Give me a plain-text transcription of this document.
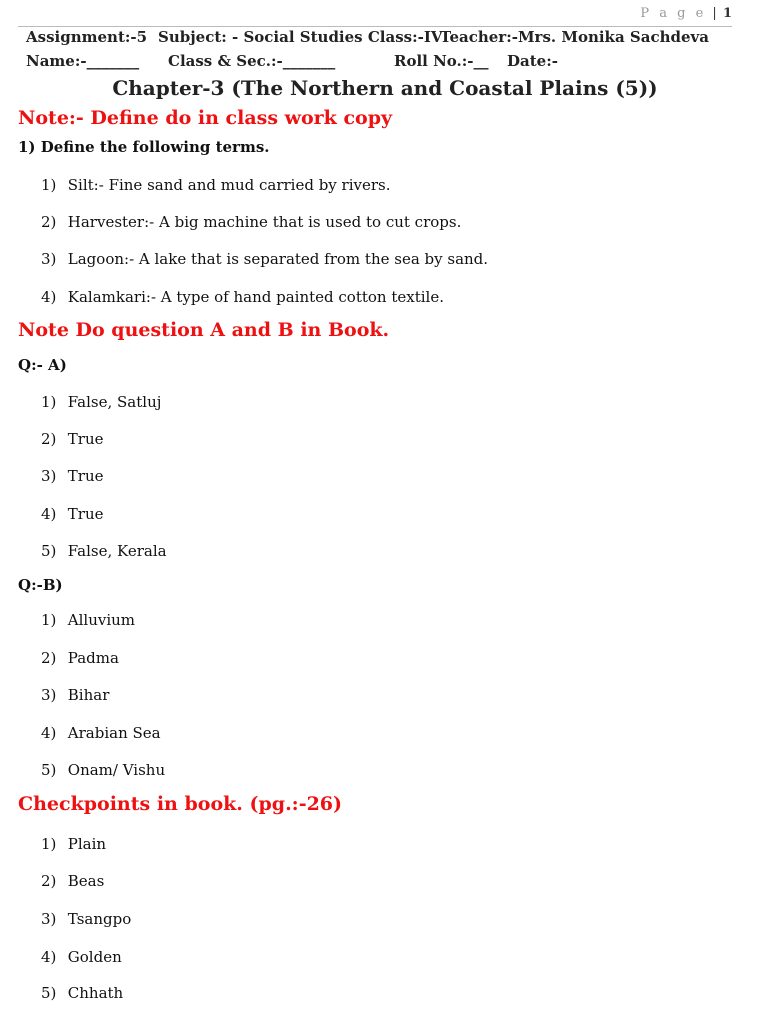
P a g e | 1
Assignment:-5 Subject: - Social Studies Class:-IV
Teacher:-Mrs. Monika Sachdeva
Name:-_______ Class & Sec.:-_______	Roll No.:-__ Date:-
Chapter-3 (The Northern and Coastal Plains (5))
Note:- Define do in class work copy
1) Define the following terms.
1) Silt:- Fine sand and mud carried by rivers.
2) Harvester:- A big machine that is used to cut crops.
3) Lagoon:- A lake that is separated from the sea by sand.
4) Kalamkari:- A type of hand painted cotton textile.
Note Do question A and B in Book.
Q:- A)
1) False, Satluj
2) True
3) True
4) True
5) False, Kerala
Q:-B)
1) Alluvium
2) Padma
3) Bihar
4) Arabian Sea
5) Onam/ Vishu
Checkpoints in book. (pg.:-26)
1) Plain
2) Beas
3) Tsangpo
4) Golden
5) Chhath
